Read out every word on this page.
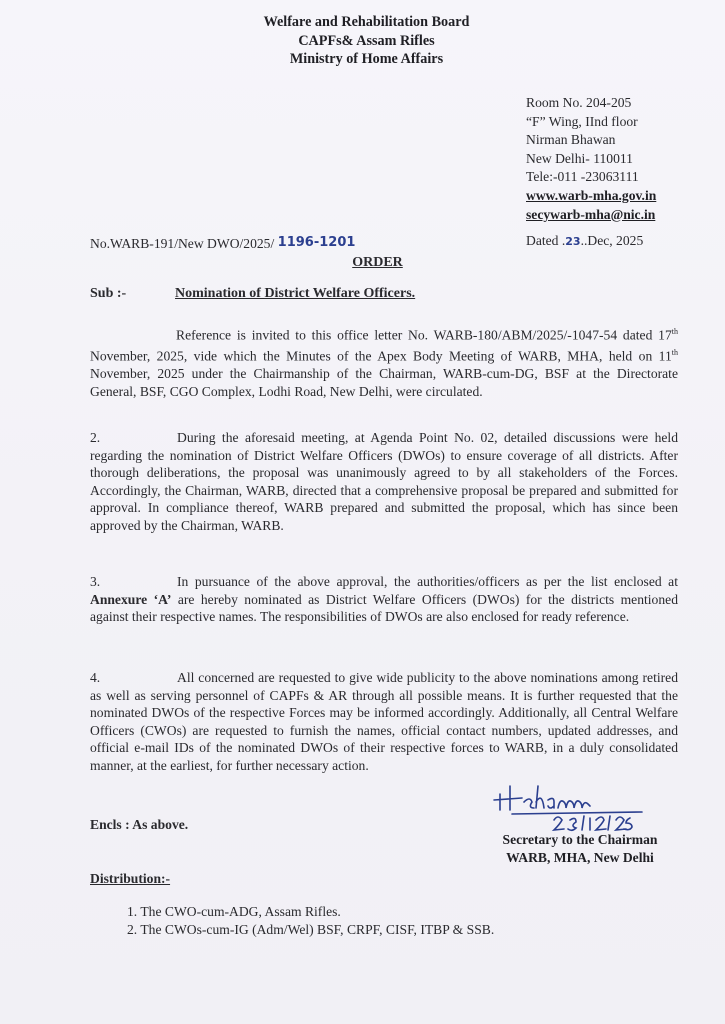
Welfare and Rehabilitation Board
CAPFs& Assam Rifles
Ministry of Home Affairs
Room No. 204-205
“F” Wing, IInd floor
Nirman Bhawan
New Delhi- 110011
Tele:-011 -23063111
www.warb-mha.gov.in
secywarb-mha@nic.in
No.WARB-191/New DWO/2025/ 1196-1201	Dated .23..Dec, 2025
ORDER
Sub :-	Nomination of District Welfare Officers.
Reference is invited to this office letter No. WARB-180/ABM/2025/-1047-54 dated 17th November, 2025, vide which the Minutes of the Apex Body Meeting of WARB, MHA, held on 11th November, 2025 under the Chairmanship of the Chairman, WARB-cum-DG, BSF at the Directorate General, BSF, CGO Complex, Lodhi Road, New Delhi, were circulated.
2.	During the aforesaid meeting, at Agenda Point No. 02, detailed discussions were held regarding the nomination of District Welfare Officers (DWOs) to ensure coverage of all districts. After thorough deliberations, the proposal was unanimously agreed to by all stakeholders of the Forces. Accordingly, the Chairman, WARB, directed that a comprehensive proposal be prepared and submitted for approval. In compliance thereof, WARB prepared and submitted the proposal, which has since been approved by the Chairman, WARB.
3.	In pursuance of the above approval, the authorities/officers as per the list enclosed at Annexure ‘A’ are hereby nominated as District Welfare Officers (DWOs) for the districts mentioned against their respective names. The responsibilities of DWOs are also enclosed for ready reference.
4.	All concerned are requested to give wide publicity to the above nominations among retired as well as serving personnel of CAPFs & AR through all possible means. It is further requested that the nominated DWOs of the respective Forces may be informed accordingly. Additionally, all Central Welfare Officers (CWOs) are requested to furnish the names, official contact numbers, updated addresses, and official e-mail IDs of the nominated DWOs of their respective forces to WARB, in a duly consolidated manner, at the earliest, for further necessary action.
Secretary to the Chairman
WARB, MHA, New Delhi
Encls : As above.
Distribution:-
1. The CWO-cum-ADG, Assam Rifles.
2. The CWOs-cum-IG (Adm/Wel) BSF, CRPF, CISF, ITBP & SSB.
